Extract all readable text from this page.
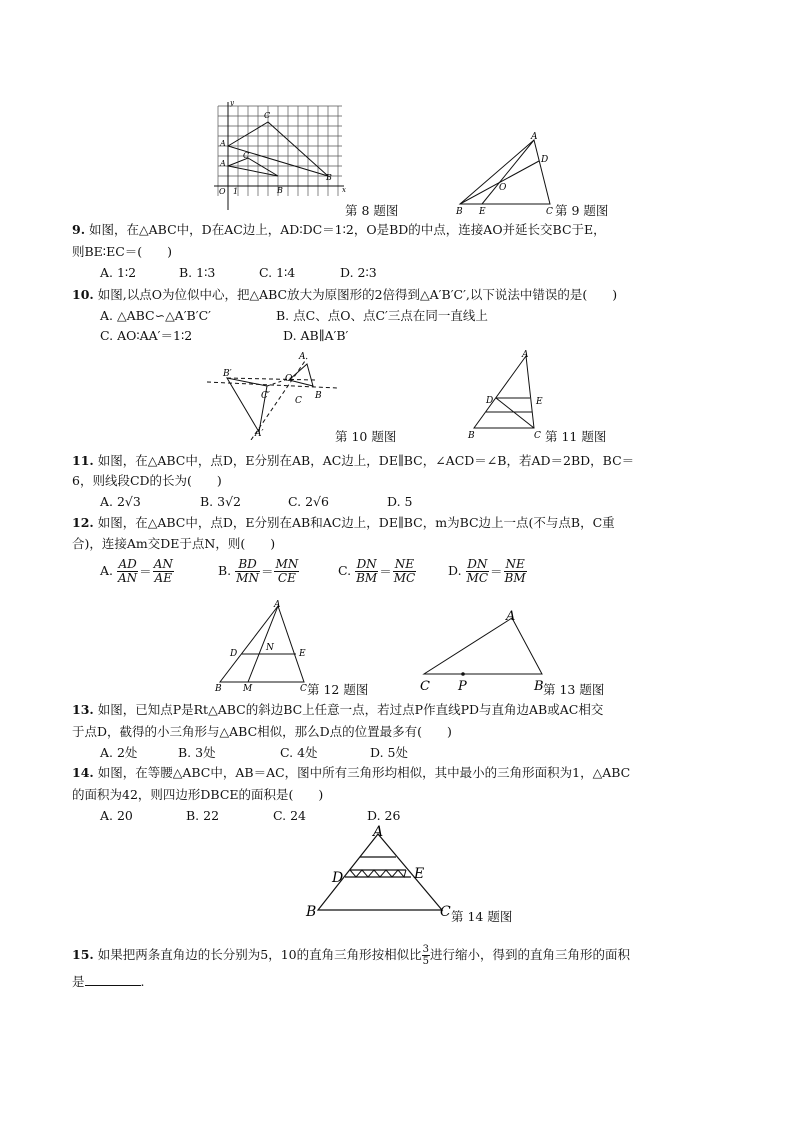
A
C
B
A
C
B
O 1	x
y
第 8 题图
A
D
O
B E	C 第 9 题图
9. 如图，在△ABC中，D在AC边上，AD∶DC＝1∶2，O是BD的中点，连接AO并延长交BC于E，
则BE∶EC＝(　　)
A. 1∶2	B. 1∶3	C. 1∶4	D. 2∶3
10. 如图,以点O为位似中心，把△ABC放大为原图形的2倍得到△A′B′C′,以下说法中错误的是(　　)
A. △ABC∽△A′B′C′	B. 点C、点O、点C′三点在同一直线上
C. AO∶AA′＝1∶2	D. AB∥A′B′
A
O
B
C
B′
C′
A′	第 10 题图
A
D	E
B	C 第 11 题图
11. 如图，在△ABC中，点D，E分别在AB，AC边上，DE∥BC，∠ACD＝∠B，若AD＝2BD，BC＝
6，则线段CD的长为(　　)
A. 2√3	B. 3√2	C. 2√6	D. 5
12. 如图，在△ABC中，点D，E分别在AB和AC边上，DE∥BC，m为BC边上一点(不与点B，C重
合)，连接Am交DE于点N，则(　　)
A. $\frac{AD}{AN} = \frac{AN}{AE}$	B. $\frac{BD}{MN} = \frac{MN}{CE}$	C. $\frac{DN}{BM} = \frac{NE}{MC}$	D. $\frac{DN}{MC} = \frac{NE}{BM}$
A
D
N
E
B M	C 第 12 题图
A
C P	B 第 13 题图
13. 如图，已知点P是Rt△ABC的斜边BC上任意一点，若过点P作直线PD与直角边AB或AC相交
于点D，截得的小三角形与△ABC相似，那么D点的位置最多有(　　)
A. 2处	B. 3处	C. 4处	D. 5处
14. 如图，在等腰△ABC中，AB＝AC，图中所有三角形均相似，其中最小的三角形面积为1，△ABC
的面积为42，则四边形DBCE的面积是(　　)
A. 20	B. 22	C. 24	D. 26
A
D	E
B	C 第 14 题图
15. 如果把两条直角边的长分别为5，10的直角三角形按相似比 $\frac{3}{5}$ 进行缩小，得到的直角三角形的面积
是	.
